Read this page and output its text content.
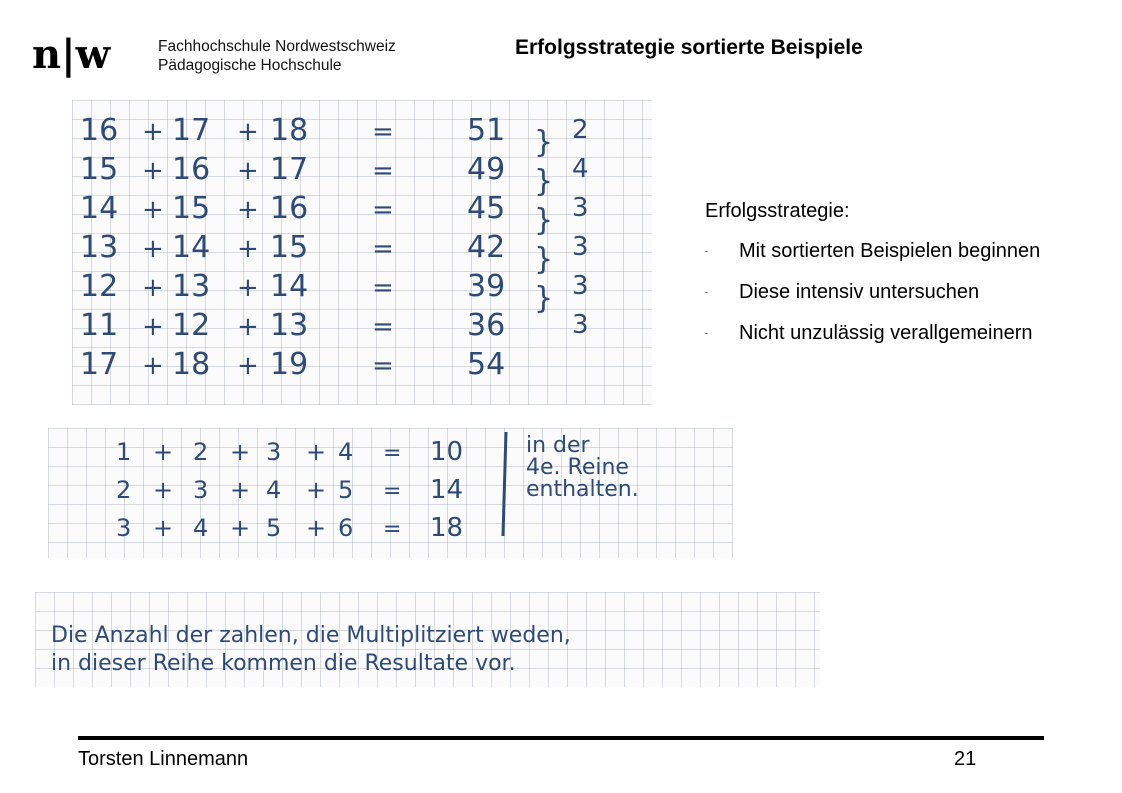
n|w	Fachhochschule Nordwestschweiz
Pädagogische Hochschule
Erfolgsstrategie sortierte Beispiele
16 + 17 + 18 = 51	2
15 + 16 + 17 = 49	4
14 + 15 + 16 = 45	3
13 + 14 + 15 = 42	3
12 + 13 + 14 = 39	3
11 + 12 + 13 = 36	3
17 + 18 + 19 = 54
}
}
}
}
}
Erfolgsstrategie:
- Mit sortierten Beispielen beginnen
- Diese intensiv untersuchen
- Nicht unzulässig verallgemeinern
1 + 2 + 3 + 4 = 10
2 + 3 + 4 + 5 = 14
3 + 4 + 5 + 6 = 18
in der
4e. Reine
enthalten.
Die Anzahl der zahlen, die Multiplitziert weden,
in dieser Reihe kommen die Resultate vor.
Torsten Linnemann	21
